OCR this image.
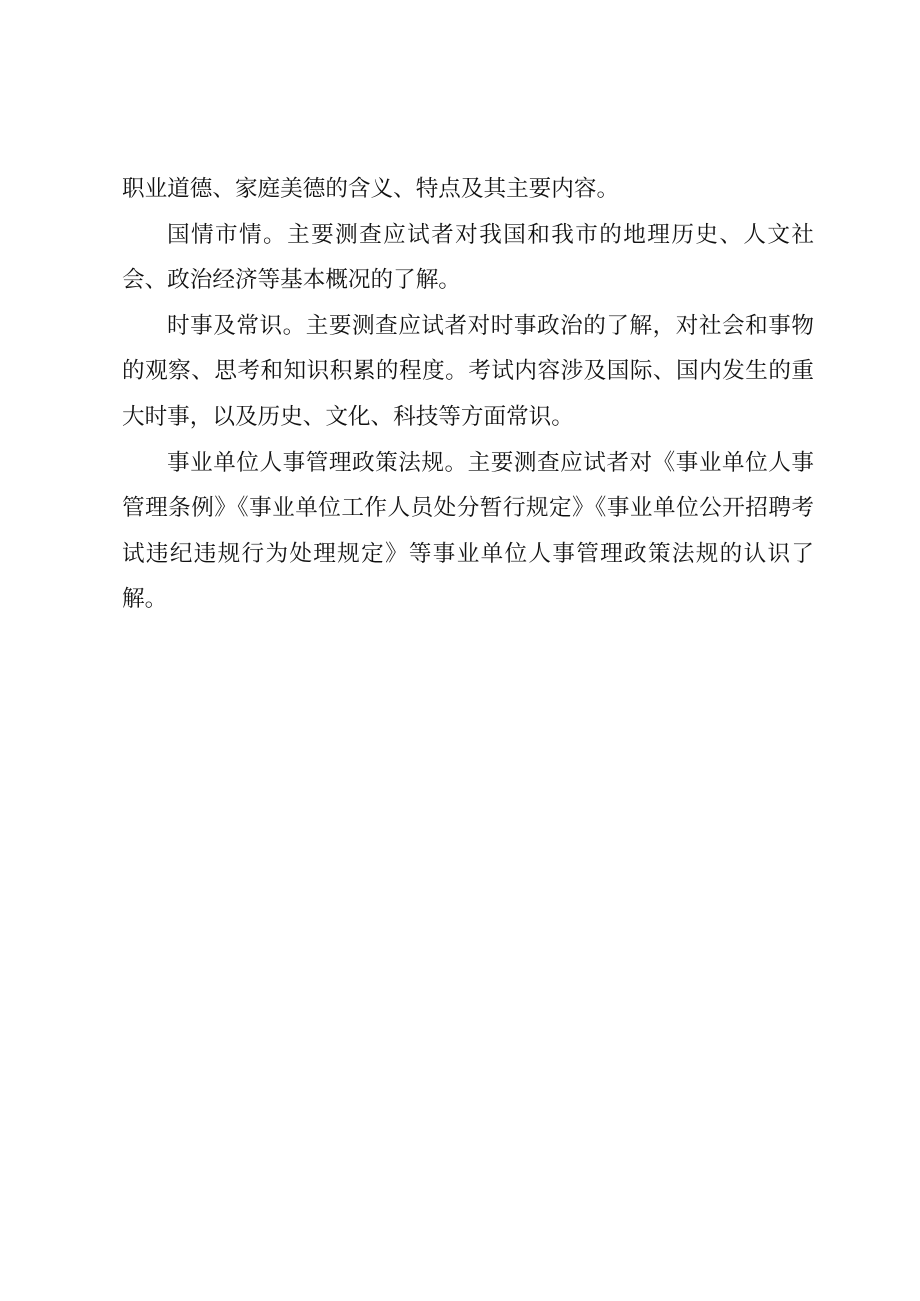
职业道德、家庭美德的含义、特点及其主要内容。

国情市情。主要测查应试者对我国和我市的地理历史、人文社会、政治经济等基本概况的了解。

时事及常识。主要测查应试者对时事政治的了解，对社会和事物的观察、思考和知识积累的程度。考试内容涉及国际、国内发生的重大时事，以及历史、文化、科技等方面常识。

事业单位人事管理政策法规。主要测查应试者对《事业单位人事管理条例》《事业单位工作人员处分暂行规定》《事业单位公开招聘考试违纪违规行为处理规定》等事业单位人事管理政策法规的认识了解。
